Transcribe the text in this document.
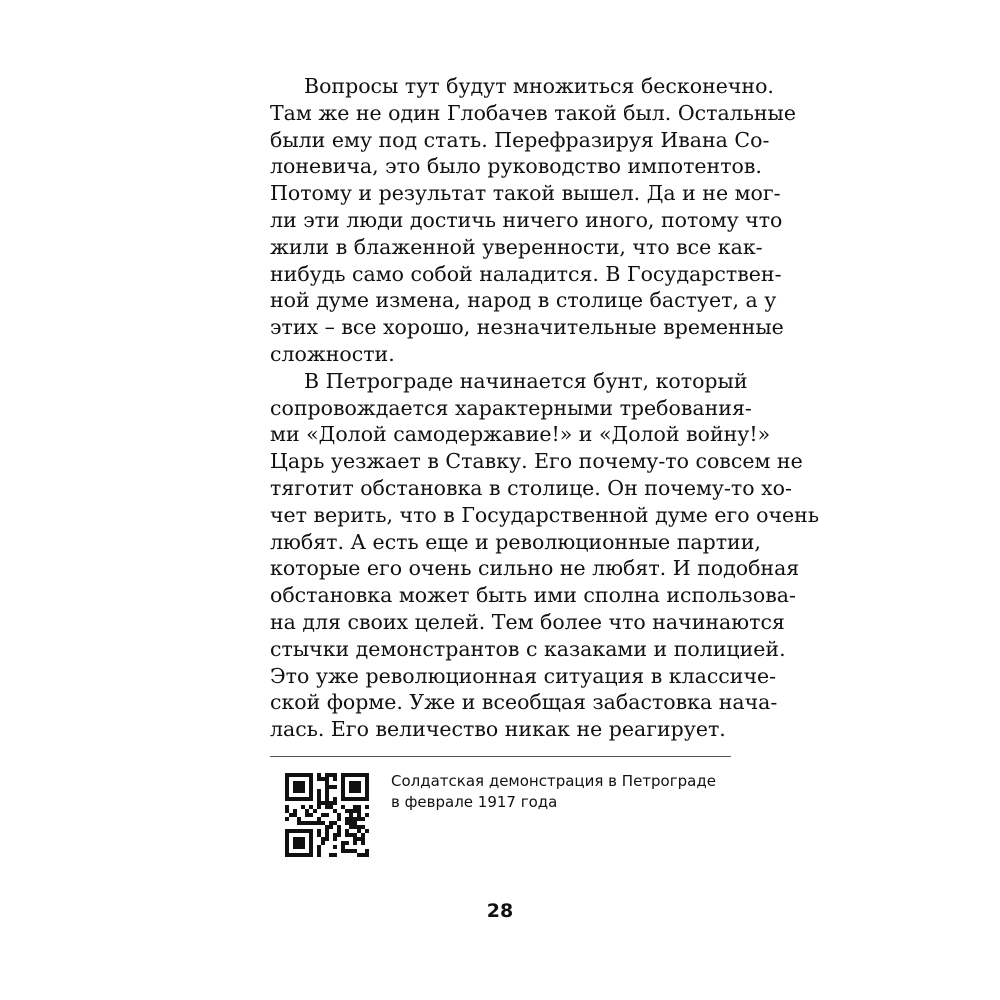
Вопросы тут будут множиться бесконечно.
Там же не один Глобачев такой был. Остальные
были ему под стать. Перефразируя Ивана Со-
лоневича, это было руководство импотентов.
Потому и результат такой вышел. Да и не мог-
ли эти люди достичь ничего иного, потому что
жили в блаженной уверенности, что все как-
нибудь само собой наладится. В Государствен-
ной думе измена, народ в столице бастует, а у
этих – все хорошо, незначительные временные
сложности.
В Петрограде начинается бунт, который
сопровождается характерными требования-
ми «Долой самодержавие!» и «Долой войну!»
Царь уезжает в Ставку. Его почему-то совсем не
тяготит обстановка в столице. Он почему-то хо-
чет верить, что в Государственной думе его очень
любят. А есть еще и революционные партии,
которые его очень сильно не любят. И подобная
обстановка может быть ими сполна использова-
на для своих целей. Тем более что начинаются
стычки демонстрантов с казаками и полицией.
Это уже революционная ситуация в классиче-
ской форме. Уже и всеобщая забастовка нача-
лась. Его величество никак не реагирует.
Солдатская демонстрация в Петрограде
в феврале 1917 года
28
